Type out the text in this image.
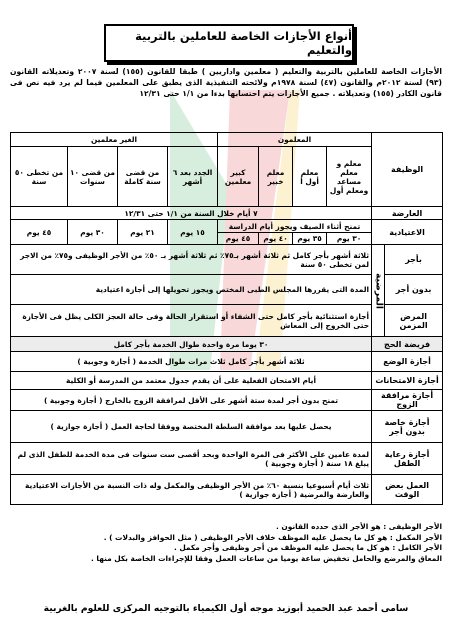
أنواع الأجازات الخاصة للعاملين بالتربية والتعليم
الأجازات الخاصة للعاملين بالتربية والتعليم ( معلمين واداريين ) طبقا للقانون (١٥٥) لسنة ٢٠٠٧ وتعديلاته القانون (٩٣) لسنة ٢٠١٢م والقانون (٤٧) لسنة ١٩٧٨م ولائحته التنفيذية الذى يطبق على المعلمين فيما لم يرد فيه نص فى قانون الكادر (١٥٥) وتعديلاته . جميع الأجازات يتم احتسابها بدءا من ١/١ حتى ١٢/٣١
الوظيفة		المعلمون				الغير معلمين			
		معلم و معلم مساعد ومعلم أول	معلم أول أ	معلم خبير	كبير معلمين	الجدد بعد ٦ أشهر	من قضى سنة كاملة	من قضى ١٠ سنوات	من تخطى ٥٠ سنة
العارضة		٧ أيام خلال السنة من ١/١ حتى ١٢/٣١							
الاعتيادية		تمنح أثناء الصيف ويجوز أيام الدراسة				١٥ يوم	٢١ يوم	٣٠ يوم	٤٥ يوم
		٣٠ يوم	٣٥ يوم	٤٠ يوم	٤٥ يوم				
بأجر	المرضية	ثلاثة أشهر بأجر كامل ثم ثلاثة أشهر بـ٧٥٪ ثم ثلاثة أشهر بـ ٥٠٪ من الأجر الوظيفى و٧٥٪ من الاجر لمن تخطى ٥٠ سنة							
بدون أجر		المدة التى يقررها المجلس الطبى المختص ويجوز تحويلها إلى أجازة اعتيادية							
المرض المزمن		أجازة استثنائية بأجر كامل حتى الشفاء أو استقرار الحالة وفى حالة العجز الكلى يظل فى الأجازة حتى الخروج إلى المعاش							
فريضة الحج		٣٠ يوما مرة واحدة طوال الخدمة بأجر كامل							
أجازة الوضع		ثلاثة أشهر بأجر كامل ثلاث مرات طوال الخدمة ( أجازة وجوبية )							
أجازة الامتحانات		أيام الامتحان الفعلية على أن يقدم جدول معتمد من المدرسة أو الكلية							
أجازة مرافقة الزوج		تمنح بدون أجر لمدة ستة أشهر على الأقل لمرافقة الزوج بالخارج ( أجازة وجوبية )							
أجازة خاصة بدون أجر		يحصل عليها بعد موافقة السلطة المختصة ووفقا لحاجة العمل ( أجازة جوازية )							
أجازة رعاية الطفل		لمدة عامين على الأكثر فى المرة الواحدة وبحد أقصى ست سنوات فى مدة الخدمة للطفل الذى لم يبلغ ١٨ سنة ( أجازة وجوبية )							
العمل بعض الوقت		ثلاث أيام أسبوعيا بنسبة ٦٠٪ من الأجر الوظيفى والمكمل وله ذات النسبة من الأجازات الاعتيادية والعارضة والمرضية ( أجازة جوازية )							

الأجر الوظيفى : هو الأجر الذى حدده القانون .

الأجر المكمل : هو كل ما يحصل عليه الموظف خلاف الأجر الوظيفى ( مثل الحوافز والبدلات ) .

الأجر الكامل : هو كل ما يحصل عليه الموظف من أجر وظيفى وأجر مكمل .

المعاق والمرضع والحامل تخفيض ساعة يوميا من ساعات العمل وفقا للإجراءات الخاصة بكل منها .

سامى أحمد عبد الحميد أبوزيد موجه أول الكيمياء بالتوجيه المركزى للعلوم بالغربية
